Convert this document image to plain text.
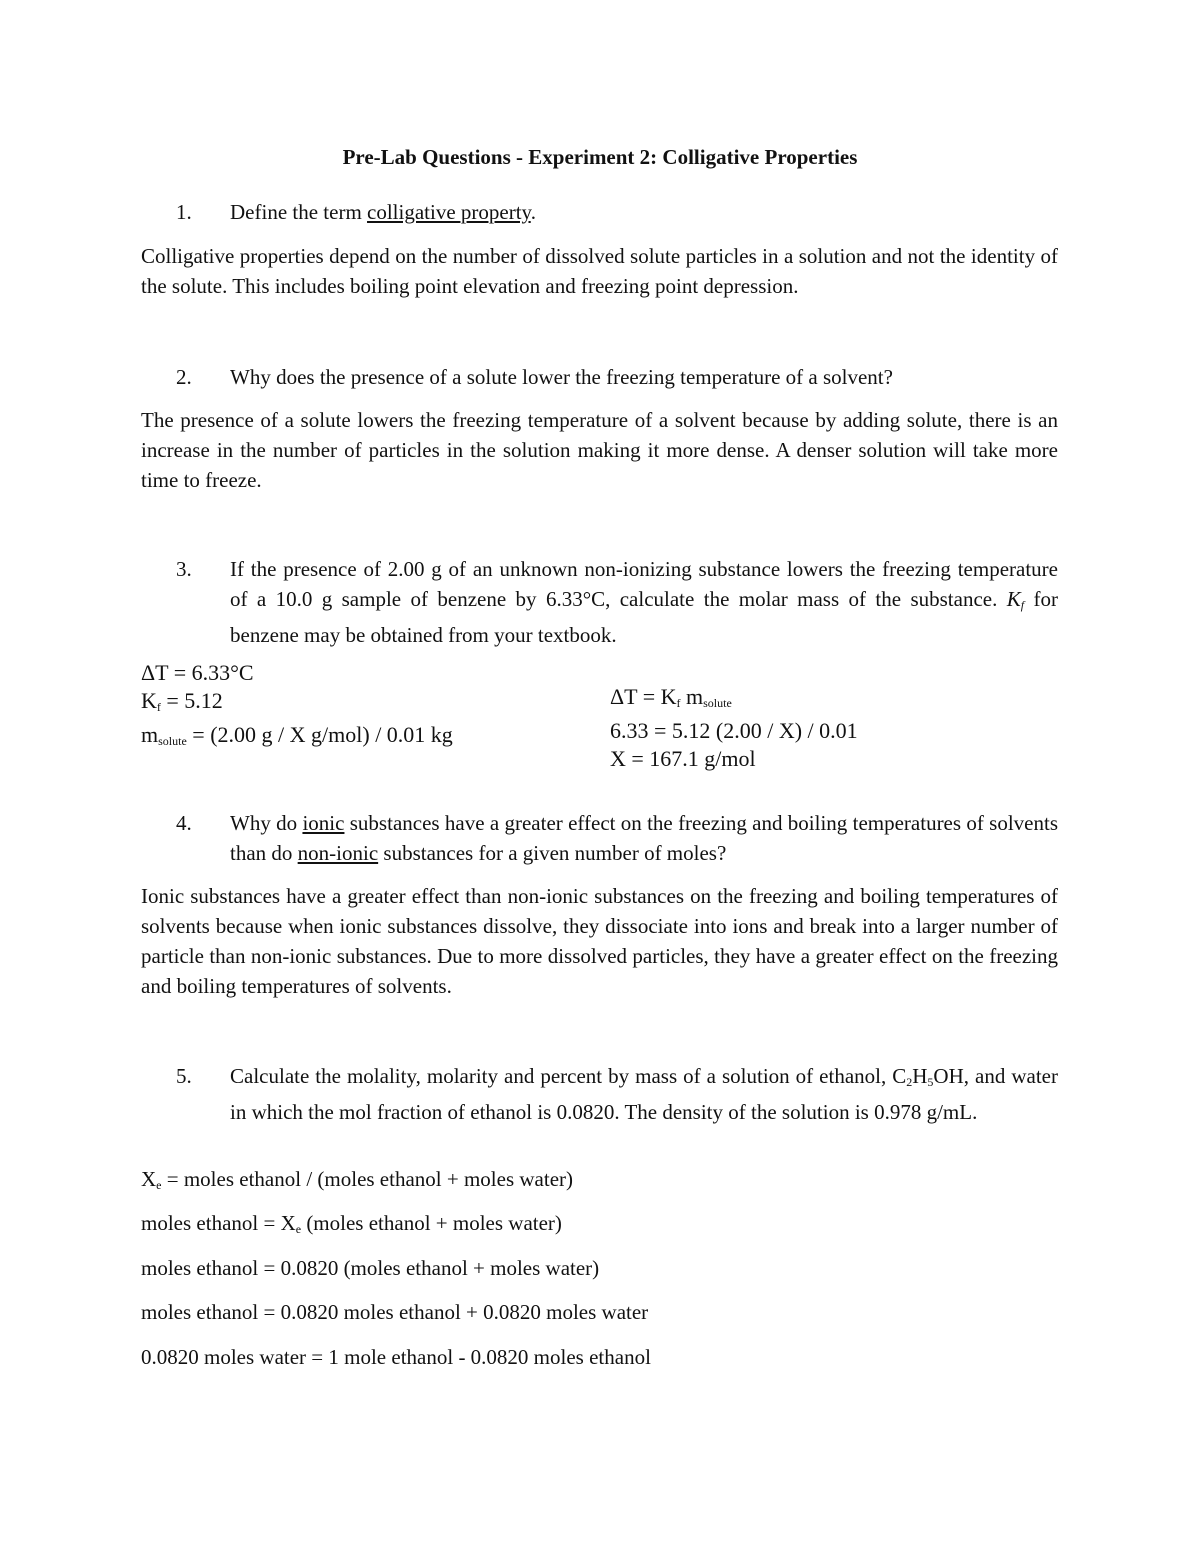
Pre-Lab Questions - Experiment 2: Colligative Properties
1. Define the term colligative property.

Colligative properties depend on the number of dissolved solute particles in a solution and not the identity of the solute. This includes boiling point elevation and freezing point depression.

2. Why does the presence of a solute lower the freezing temperature of a solvent?

The presence of a solute lowers the freezing temperature of a solvent because by adding solute, there is an increase in the number of particles in the solution making it more dense. A denser solution will take more time to freeze.

3. If the presence of 2.00 g of an unknown non-ionizing substance lowers the freezing temperature of a 10.0 g sample of benzene by 6.33°C, calculate the molar mass of the substance. $K_f$ for benzene may be obtained from your textbook.
ΔT = 6.33°C
$K_f = 5.12$
$m_{solute} = (2.00$ g / X g/mol) / 0.01 kg
$\Delta T = K_f$ $m_{solute}$
6.33 = 5.12 (2.00 / X) / 0.01
X = 167.1 g/mol
4. Why do ionic substances have a greater effect on the freezing and boiling temperatures of solvents than do non-ionic substances for a given number of moles?

Ionic substances have a greater effect than non-ionic substances on the freezing and boiling temperatures of solvents because when ionic substances dissolve, they dissociate into ions and break into a larger number of particle than non-ionic substances. Due to more dissolved particles, they have a greater effect on the freezing and boiling temperatures of solvents.

5. Calculate the molality, molarity and percent by mass of a solution of ethanol, $C_2H_5OH$, and water in which the mol fraction of ethanol is 0.0820. The density of the solution is 0.978 g/mL.
$X_e$ = moles ethanol / (moles ethanol + moles water)
moles ethanol = $X_e$ (moles ethanol + moles water)
moles ethanol = 0.0820 (moles ethanol + moles water)
moles ethanol = 0.0820 moles ethanol + 0.0820 moles water
0.0820 moles water = 1 mole ethanol - 0.0820 moles ethanol
